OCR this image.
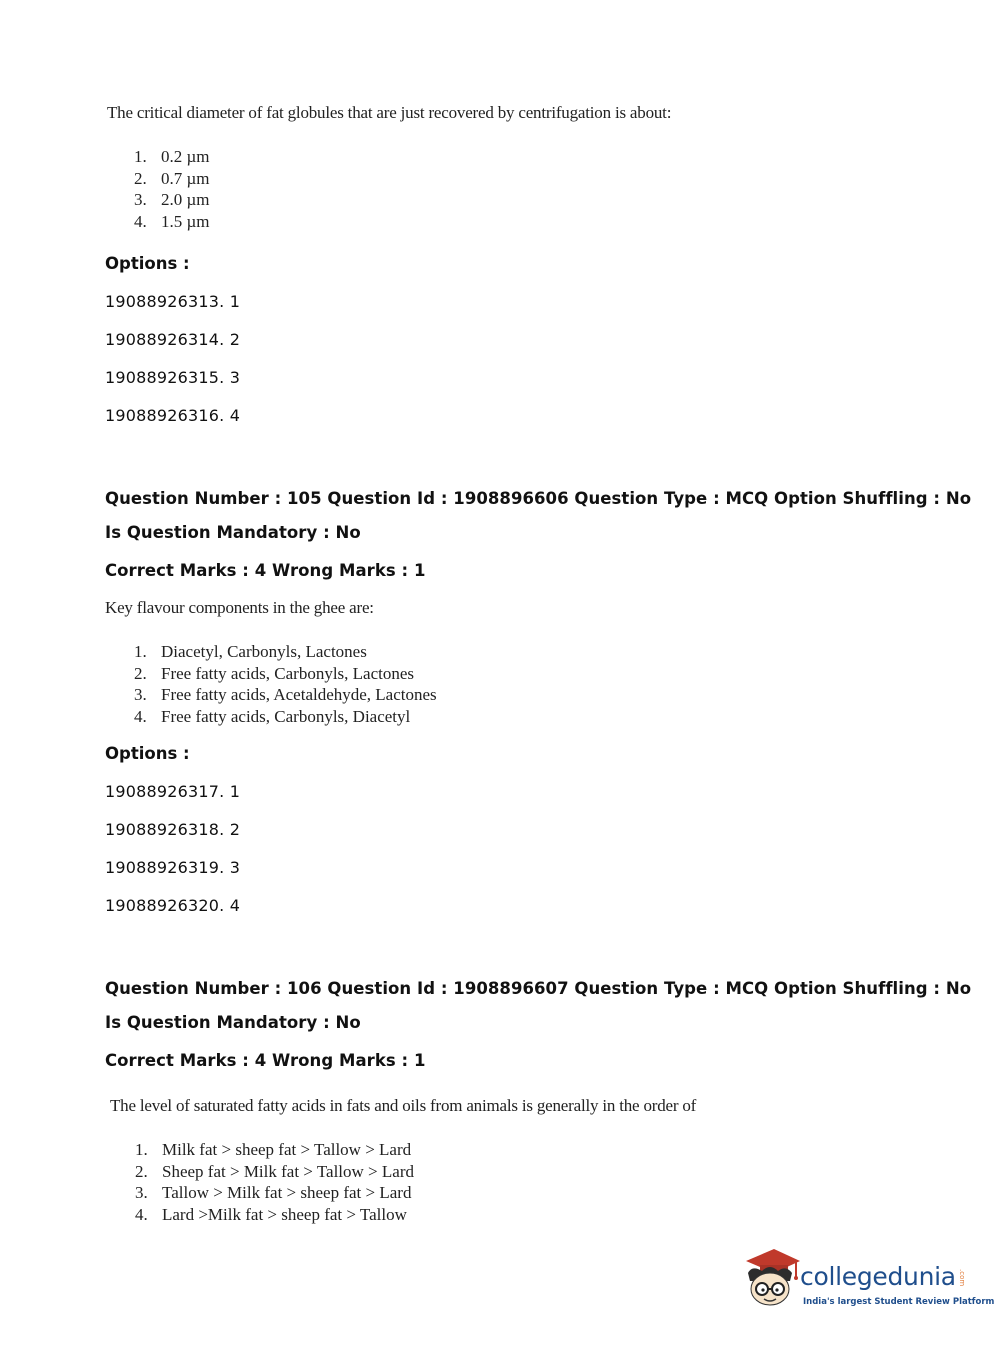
The critical diameter of fat globules that are just recovered by centrifugation is about:
1. 0.2 µm
2. 0.7 µm
3. 2.0 µm
4. 1.5 µm
Options :
19088926313. 1
19088926314. 2
19088926315. 3
19088926316. 4
Question Number : 105 Question Id : 1908896606 Question Type : MCQ Option Shuffling : No
Is Question Mandatory : No
Correct Marks : 4 Wrong Marks : 1
Key flavour components in the ghee are:
1. Diacetyl, Carbonyls, Lactones
2. Free fatty acids, Carbonyls, Lactones
3. Free fatty acids, Acetaldehyde, Lactones
4. Free fatty acids, Carbonyls, Diacetyl
Options :
19088926317. 1
19088926318. 2
19088926319. 3
19088926320. 4
Question Number : 106 Question Id : 1908896607 Question Type : MCQ Option Shuffling : No
Is Question Mandatory : No
Correct Marks : 4 Wrong Marks : 1
The level of saturated fatty acids in fats and oils from animals is generally in the order of
1. Milk fat > sheep fat > Tallow > Lard
2. Sheep fat > Milk fat > Tallow > Lard
3. Tallow > Milk fat > sheep fat > Lard
4. Lard >Milk fat > sheep fat > Tallow
collegedunia .com
India's largest Student Review Platform
